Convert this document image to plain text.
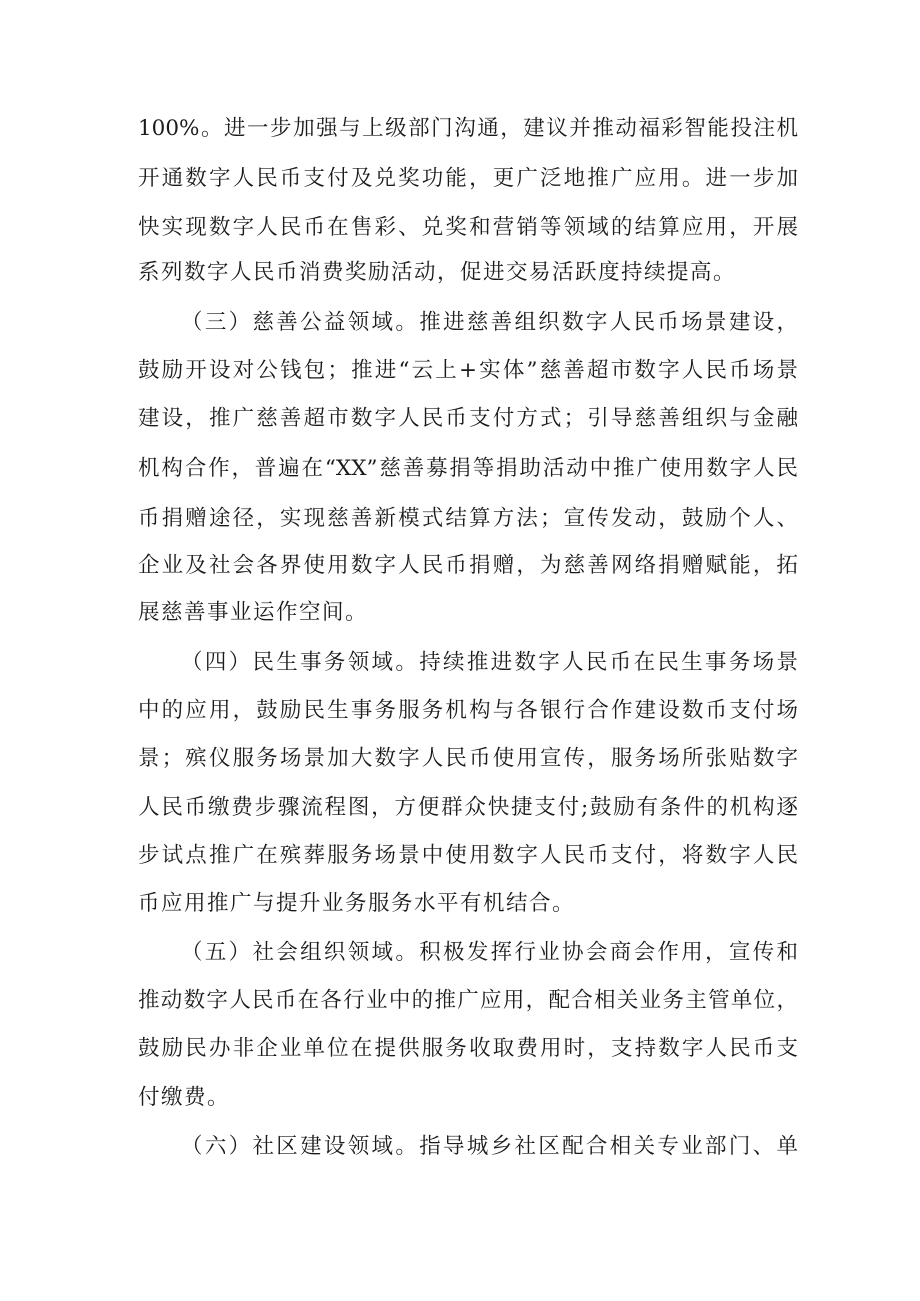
100%。进一步加强与上级部门沟通，建议并推动福彩智能投注机
开通数字人民币支付及兑奖功能，更广泛地推广应用。进一步加
快实现数字人民币在售彩、兑奖和营销等领域的结算应用，开展
系列数字人民币消费奖励活动，促进交易活跃度持续提高。
（三）慈善公益领域。推进慈善组织数字人民币场景建设，
鼓励开设对公钱包；推进“云上+实体”慈善超市数字人民币场景
建设，推广慈善超市数字人民币支付方式；引导慈善组织与金融
机构合作，普遍在“XX”慈善募捐等捐助活动中推广使用数字人民
币捐赠途径，实现慈善新模式结算方法；宣传发动，鼓励个人、
企业及社会各界使用数字人民币捐赠，为慈善网络捐赠赋能，拓
展慈善事业运作空间。
（四）民生事务领域。持续推进数字人民币在民生事务场景
中的应用，鼓励民生事务服务机构与各银行合作建设数币支付场
景；殡仪服务场景加大数字人民币使用宣传，服务场所张贴数字
人民币缴费步骤流程图，方便群众快捷支付;鼓励有条件的机构逐
步试点推广在殡葬服务场景中使用数字人民币支付，将数字人民
币应用推广与提升业务服务水平有机结合。
（五）社会组织领域。积极发挥行业协会商会作用，宣传和
推动数字人民币在各行业中的推广应用，配合相关业务主管单位，
鼓励民办非企业单位在提供服务收取费用时，支持数字人民币支
付缴费。
（六）社区建设领域。指导城乡社区配合相关专业部门、单
